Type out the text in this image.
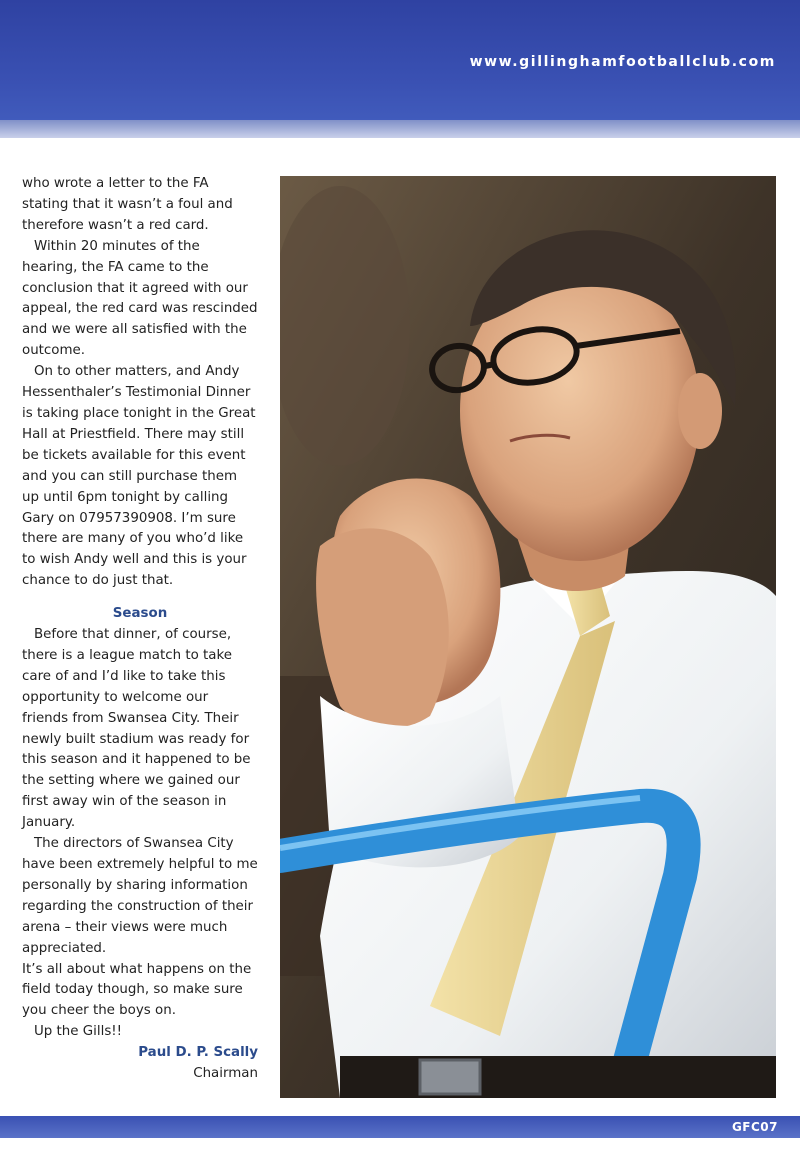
www.gillinghamfootballclub.com

who wrote a letter to the FA stating that it wasn’t a foul and therefore wasn’t a red card.

Within 20 minutes of the hearing, the FA came to the conclusion that it agreed with our appeal, the red card was rescinded and we were all satisfied with the outcome.

On to other matters, and Andy Hessenthaler’s Testimonial Dinner is taking place tonight in the Great Hall at Priestfield. There may still be tickets available for this event and you can still purchase them up until 6pm tonight by calling Gary on 07957390908. I’m sure there are many of you who’d like to wish Andy well and this is your chance to do just that.

Season

Before that dinner, of course, there is a league match to take care of and I’d like to take this opportunity to welcome our friends from Swansea City. Their newly built stadium was ready for this season and it happened to be the setting where we gained our first away win of the season in January.

The directors of Swansea City have been extremely helpful to me personally by sharing information regarding the construction of their arena – their views were much appreciated.

It’s all about what happens on the field today though, so make sure you cheer the boys on.

Up the Gills!!

Paul D. P. Scally

Chairman

GFC07
